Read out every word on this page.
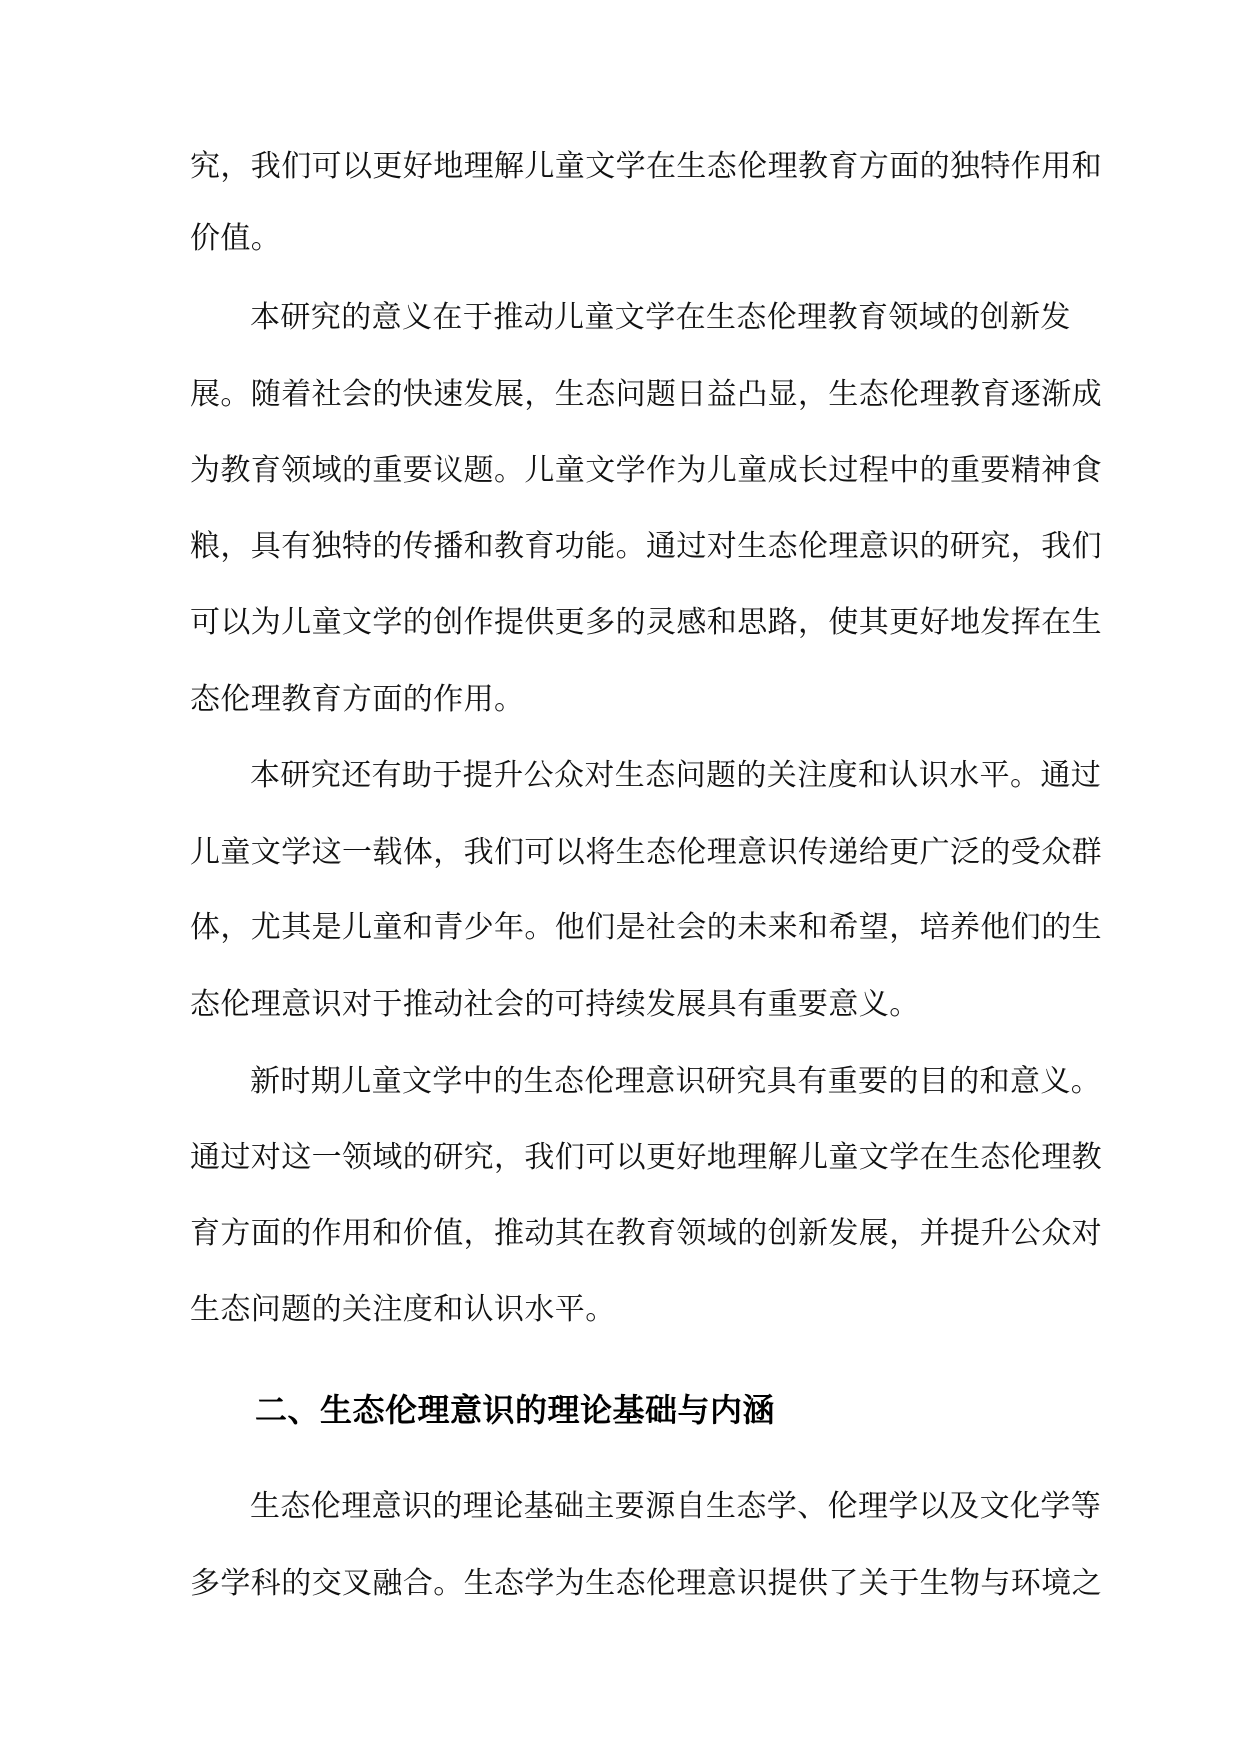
究，我们可以更好地理解儿童文学在生态伦理教育方面的独特作用和
价值。
本研究的意义在于推动儿童文学在生态伦理教育领域的创新发
展。随着社会的快速发展，生态问题日益凸显，生态伦理教育逐渐成
为教育领域的重要议题。儿童文学作为儿童成长过程中的重要精神食
粮，具有独特的传播和教育功能。通过对生态伦理意识的研究，我们
可以为儿童文学的创作提供更多的灵感和思路，使其更好地发挥在生
态伦理教育方面的作用。
本研究还有助于提升公众对生态问题的关注度和认识水平。通过
儿童文学这一载体，我们可以将生态伦理意识传递给更广泛的受众群
体，尤其是儿童和青少年。他们是社会的未来和希望，培养他们的生
态伦理意识对于推动社会的可持续发展具有重要意义。
新时期儿童文学中的生态伦理意识研究具有重要的目的和意义。
通过对这一领域的研究，我们可以更好地理解儿童文学在生态伦理教
育方面的作用和价值，推动其在教育领域的创新发展，并提升公众对
生态问题的关注度和认识水平。
二、生态伦理意识的理论基础与内涵
生态伦理意识的理论基础主要源自生态学、伦理学以及文化学等
多学科的交叉融合。生态学为生态伦理意识提供了关于生物与环境之
